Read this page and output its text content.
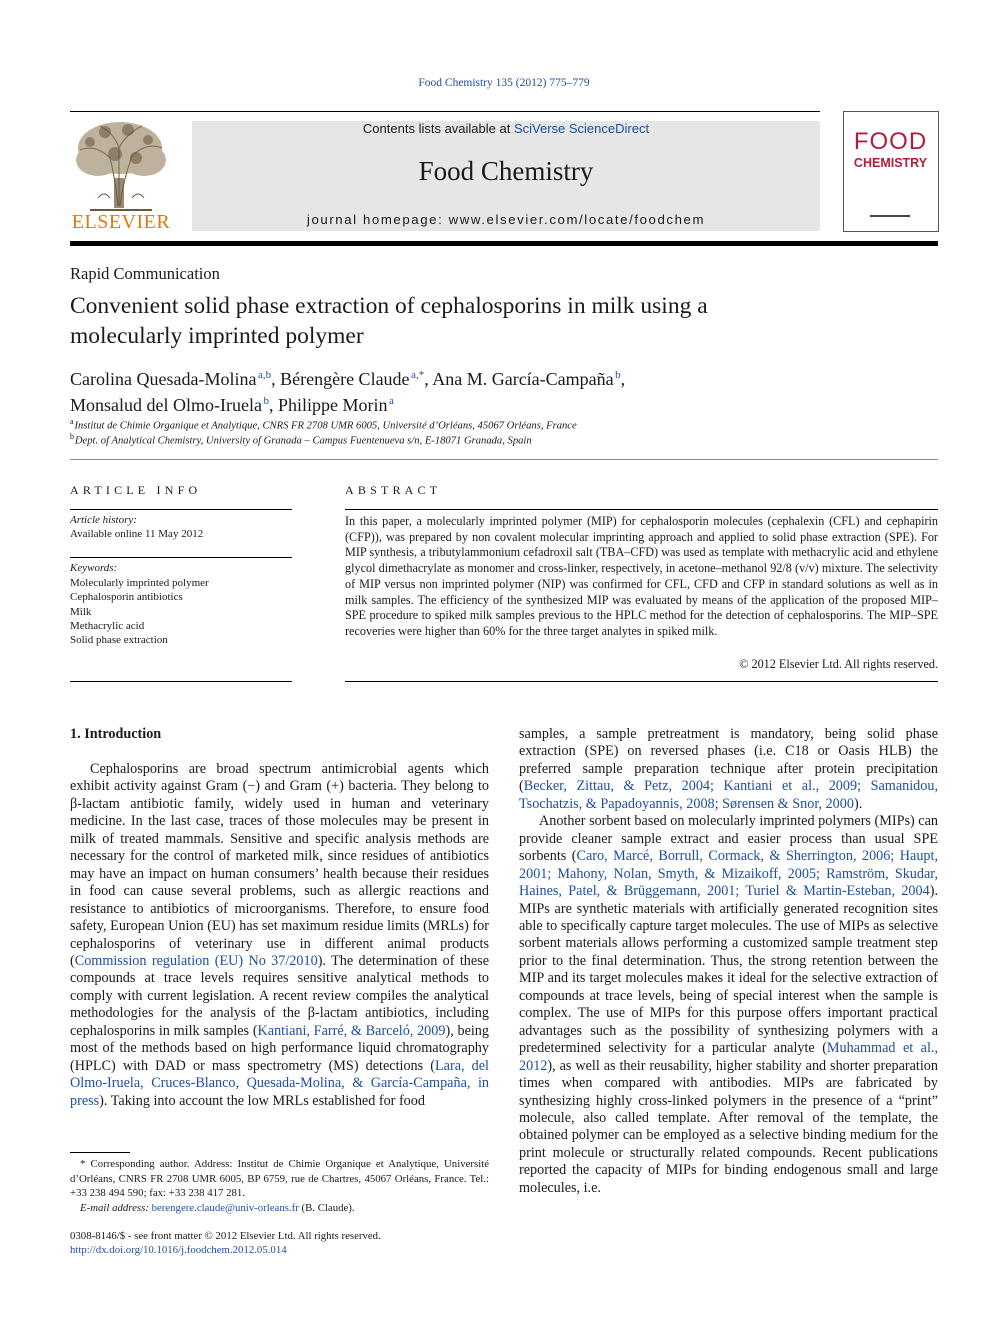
Food Chemistry 135 (2012) 775–779
ELSEVIER
Contents lists available at SciVerse ScienceDirect
Food Chemistry
journal homepage: www.elsevier.com/locate/foodchem
FOOD
CHEMISTRY
Rapid Communication
Convenient solid phase extraction of cephalosporins in milk using a molecularly imprinted polymer
Carolina Quesada-Molina  $^{a,b}$, Bérengère Claude  $^{a,*}$, Ana M. García-Campaña  $^b$,
Monsalud del Olmo-Iruela  $^b$, Philippe Morin  $^a$
$^a$ Institut de Chimie Organique et Analytique, CNRS FR 2708 UMR 6005, Université d’Orléans, 45067 Orléans, France
$^b$ Dept. of Analytical Chemistry, University of Granada – Campus Fuentenueva s/n, E-18071 Granada, Spain
ARTICLE INFO	ABSTRACT
Article history:
Available online 11 May 2012
Keywords:
Molecularly imprinted polymer
Cephalosporin antibiotics
Milk
Methacrylic acid
Solid phase extraction
In this paper, a molecularly imprinted polymer (MIP) for cephalosporin molecules (cephalexin (CFL) and cephapirin (CFP)), was prepared by non covalent molecular imprinting approach and applied to solid phase extraction (SPE). For MIP synthesis, a tributylammonium cefadroxil salt (TBA–CFD) was used as template with methacrylic acid and ethylene glycol dimethacrylate as monomer and cross-linker, respectively, in acetone–methanol 92/8 (v/v) mixture. The selectivity of MIP versus non imprinted polymer (NIP) was confirmed for CFL, CFD and CFP in standard solutions as well as in milk samples. The efficiency of the synthesized MIP was evaluated by means of the application of the proposed MIP–SPE procedure to spiked milk samples previous to the HPLC method for the detection of cephalosporins. The MIP–SPE recoveries were higher than 60% for the three target analytes in spiked milk.
© 2012 Elsevier Ltd. All rights reserved.
1. Introduction

Cephalosporins are broad spectrum antimicrobial agents which exhibit activity against Gram (−) and Gram (+) bacteria. They belong to β-lactam antibiotic family, widely used in human and veterinary medicine. In the last case, traces of those molecules may be present in milk of treated mammals. Sensitive and specific analysis methods are necessary for the control of marketed milk, since residues of antibiotics may have an impact on human consumers’ health because their residues in food can cause several problems, such as allergic reactions and resistance to antibiotics of microorganisms. Therefore, to ensure food safety, European Union (EU) has set maximum residue limits (MRLs) for cephalosporins of veterinary use in different animal products (Commission regulation (EU) No 37/2010). The determination of these compounds at trace levels requires sensitive analytical methods to comply with current legislation. A recent review compiles the analytical methodologies for the analysis of the β-lactam antibiotics, including cephalosporins in milk samples (Kantiani, Farré, & Barceló, 2009), being most of the methods based on high performance liquid chromatography (HPLC) with DAD or mass spectrometry (MS) detections (Lara, del Olmo-Iruela, Cruces-Blanco, Quesada-Molina, & García-Campaña, in press). Taking into account the low MRLs established for food

samples, a sample pretreatment is mandatory, being solid phase extraction (SPE) on reversed phases (i.e. C18 or Oasis HLB) the preferred sample preparation technique after protein precipitation (Becker, Zittau, & Petz, 2004; Kantiani et al., 2009; Samanidou, Tsochatzis, & Papadoyannis, 2008; Sørensen & Snor, 2000).

Another sorbent based on molecularly imprinted polymers (MIPs) can provide cleaner sample extract and easier process than usual SPE sorbents (Caro, Marcé, Borrull, Cormack, & Sherrington, 2006; Haupt, 2001; Mahony, Nolan, Smyth, & Mizaikoff, 2005; Ramström, Skudar, Haines, Patel, & Brüggemann, 2001; Turiel & Martin-Esteban, 2004). MIPs are synthetic materials with artificially generated recognition sites able to specifically capture target molecules. The use of MIPs as selective sorbent materials allows performing a customized sample treatment step prior to the final determination. Thus, the strong retention between the MIP and its target molecules makes it ideal for the selective extraction of compounds at trace levels, being of special interest when the sample is complex. The use of MIPs for this purpose offers important practical advantages such as the possibility of synthesizing polymers with a predetermined selectivity for a particular analyte (Muhammad et al., 2012), as well as their reusability, higher stability and shorter preparation times when compared with antibodies. MIPs are fabricated by synthesizing highly cross-linked polymers in the presence of a “print” molecule, also called template. After removal of the template, the obtained polymer can be employed as a selective binding medium for the print molecule or structurally related compounds. Recent publications reported the capacity of MIPs for binding endogenous small and large molecules, i.e.

* Corresponding author. Address: Institut de Chimie Organique et Analytique, Université d’Orléans, CNRS FR 2708 UMR 6005, BP 6759, rue de Chartres, 45067 Orléans, France. Tel.: +33 238 494 590; fax: +33 238 417 281.

E-mail address: berengere.claude@univ-orleans.fr (B. Claude).

0308-8146/$ - see front matter © 2012 Elsevier Ltd. All rights reserved.
http://dx.doi.org/10.1016/j.foodchem.2012.05.014
